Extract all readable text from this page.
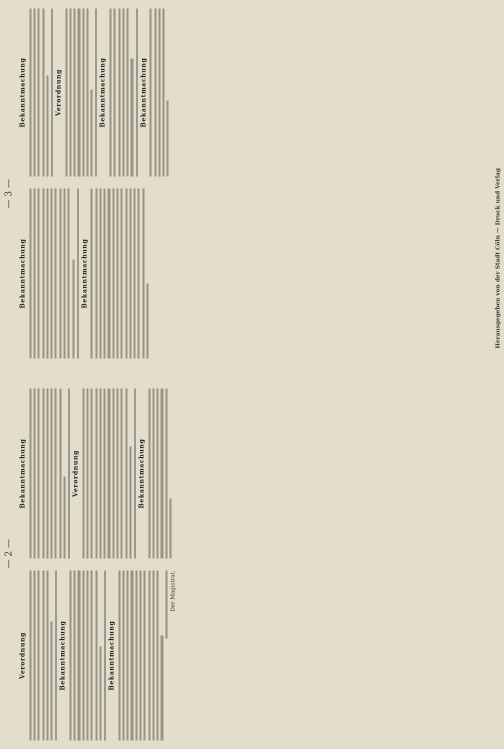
— 2 —
— 3 —
Verordnung	Bekanntmachung	Bekanntmachung
Der Magistrat.
Bekanntmachung	Verordnung	Bekanntmachung
Bekanntmachung	Bekanntmachung
Bekanntmachung	Verordnung	Bekanntmachung	Bekanntmachung
Herausgegeben von der Stadt Cöln — Druck und Verlag
